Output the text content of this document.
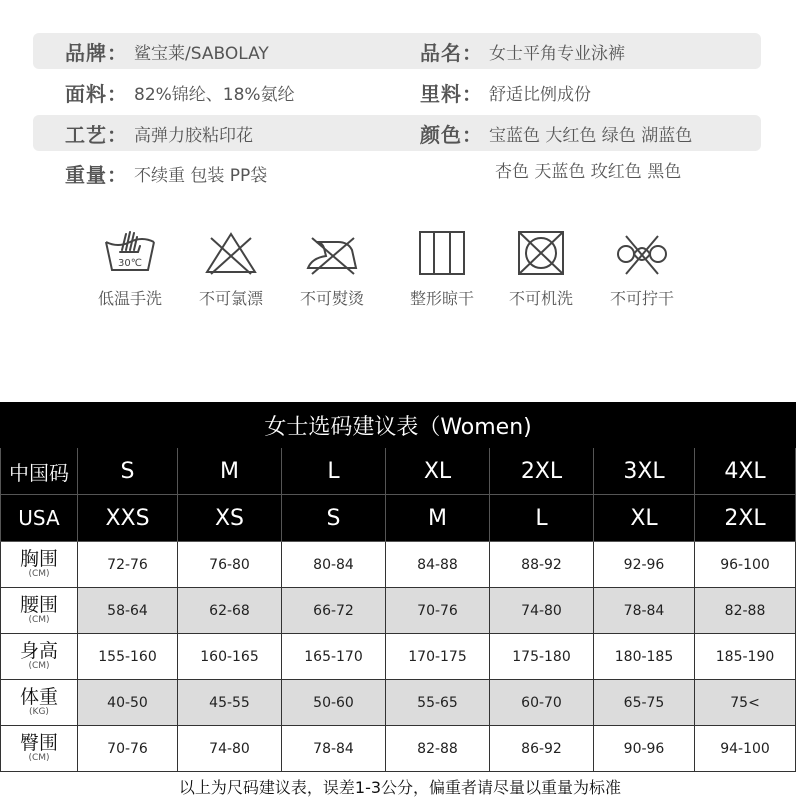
品牌： 鲨宝莱/SABOLAY	品名： 女士平角专业泳裤
面料： 82%锦纶、18%氨纶	里料： 舒适比例成份
工艺： 高弹力胶粘印花	颜色： 宝蓝色 大红色 绿色 湖蓝色
重量： 不续重 包装 PP袋	杏色 天蓝色 玫红色 黑色
30℃
低温手洗	不可氯漂	不可熨烫	整形晾干	不可机洗	不可拧干
女士选码建议表（Women)							
中国码	S	M	L	XL	2XL	3XL	4XL
USA	XXS	XS	S	M	L	XL	2XL

胸围
(CM)	72-76	76-80	80-84	84-88	88-92	92-96	96-100

腰围
(CM)	58-64	62-68	66-72	70-76	74-80	78-84	82-88

身高
(CM)	155-160	160-165	165-170	170-175	175-180	180-185	185-190

体重
(KG)	40-50	45-55	50-60	55-65	60-70	65-75	75<

臀围
(CM)	70-76	74-80	78-84	82-88	86-92	90-96	94-100
以上为尺码建议表，误差1-3公分，偏重者请尽量以重量为标准
